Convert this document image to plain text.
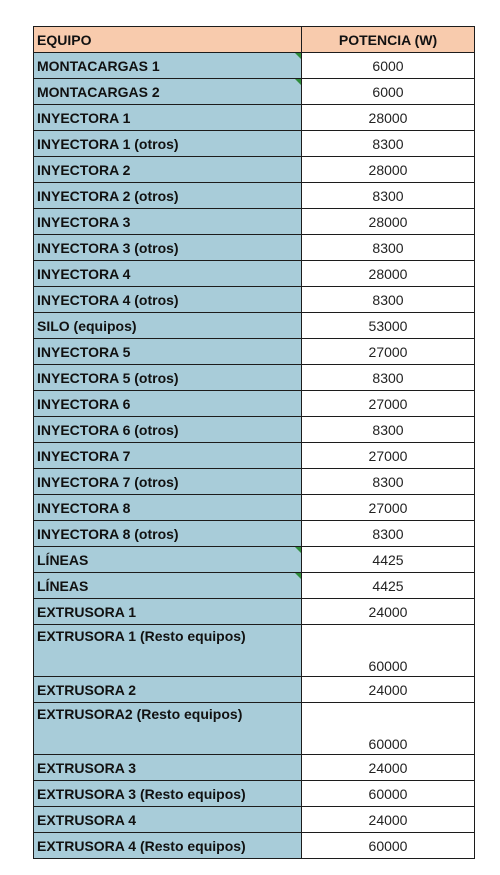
EQUIPO	POTENCIA (W)
MONTACARGAS 1	6000
MONTACARGAS 2	6000
INYECTORA 1	28000
INYECTORA 1 (otros)	8300
INYECTORA 2	28000
INYECTORA 2 (otros)	8300
INYECTORA 3	28000
INYECTORA 3 (otros)	8300
INYECTORA 4	28000
INYECTORA 4 (otros)	8300
SILO (equipos)	53000
INYECTORA 5	27000
INYECTORA 5 (otros)	8300
INYECTORA 6	27000
INYECTORA 6 (otros)	8300
INYECTORA 7	27000
INYECTORA 7 (otros)	8300
INYECTORA 8	27000
INYECTORA 8 (otros)	8300
LÍNEAS	4425
LÍNEAS	4425
EXTRUSORA 1	24000
EXTRUSORA 1 (Resto equipos)	60000
EXTRUSORA 2	24000
EXTRUSORA2 (Resto equipos)	60000
EXTRUSORA 3	24000
EXTRUSORA 3 (Resto equipos)	60000
EXTRUSORA 4	24000
EXTRUSORA 4 (Resto equipos)	60000
